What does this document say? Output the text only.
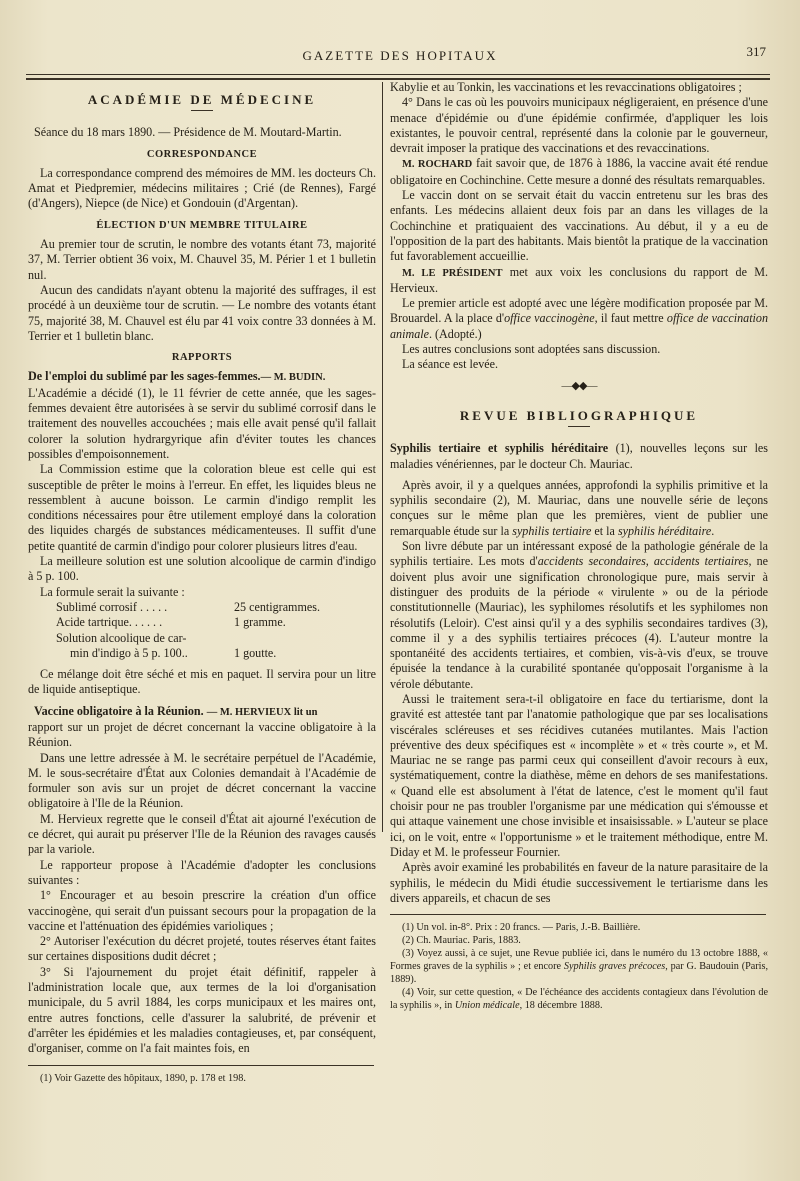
GAZETTE DES HOPITAUX	317
ACADÉMIE DE MÉDECINE

Séance du 18 mars 1890. — Présidence de M. Moutard-Martin.

CORRESPONDANCE

La correspondance comprend des mémoires de MM. les docteurs Ch. Amat et Piedpremier, médecins militaires ; Crié (de Rennes), Fargé (d'Angers), Niepce (de Nice) et Gondouin (d'Argentan).

ÉLECTION D'UN MEMBRE TITULAIRE

Au premier tour de scrutin, le nombre des votants étant 73, majorité 37, M. Terrier obtient 36 voix, M. Chauvel 35, M. Périer 1 et 1 bulletin nul.

Aucun des candidats n'ayant obtenu la majorité des suffrages, il est procédé à un deuxième tour de scrutin. — Le nombre des votants étant 75, majorité 38, M. Chauvel est élu par 41 voix contre 33 données à M. Terrier et 1 bulletin blanc.

RAPPORTS

De l'emploi du sublimé par les sages-femmes.— M. BUDIN.

L'Académie a décidé (1), le 11 février de cette année, que les sages-femmes devaient être autorisées à se servir du sublimé corrosif dans le traitement des nouvelles accouchées ; mais elle avait pensé qu'il fallait colorer la solution hydrargyrique afin d'éviter toutes les chances possibles d'empoisonnement.

La Commission estime que la coloration bleue est celle qui est susceptible de prêter le moins à l'erreur. En effet, les liquides bleus ne ressemblent à aucune boisson. Le carmin d'indigo remplit les conditions nécessaires pour être utilement employé dans la coloration des liquides chargés de substances médicamenteuses. Il suffit d'une petite quantité de carmin d'indigo pour colorer plusieurs litres d'eau.

La meilleure solution est une solution alcoolique de carmin d'indigo à 5 p. 100.

La formule serait la suivante :

Sublimé corrosif . . . . .	25 centigrammes.
Acide tartrique. . . . . .	1 gramme.
Solution alcoolique de car-
min d'indigo à 5 p. 100..	1 goutte.

Ce mélange doit être séché et mis en paquet. Il servira pour un litre de liquide antiseptique.

Vaccine obligatoire à la Réunion. — M. HERVIEUX lit un

rapport sur un projet de décret concernant la vaccine obligatoire à la Réunion.

Dans une lettre adressée à M. le secrétaire perpétuel de l'Académie, M. le sous-secrétaire d'État aux Colonies demandait à l'Académie de formuler son avis sur un projet de décret concernant la vaccine obligatoire à l'Ile de la Réunion.

M. Hervieux regrette que le conseil d'État ait ajourné l'exécution de ce décret, qui aurait pu préserver l'Ile de la Réunion des ravages causés par la variole.

Le rapporteur propose à l'Académie d'adopter les conclusions suivantes :

1° Encourager et au besoin prescrire la création d'un office vaccinogène, qui serait d'un puissant secours pour la propagation de la vaccine et l'atténuation des épidémies varioliques ;

2° Autoriser l'exécution du décret projeté, toutes réserves étant faites sur certaines dispositions dudit décret ;

3° Si l'ajournement du projet était définitif, rappeler à l'administration locale que, aux termes de la loi d'organisation municipale, du 5 avril 1884, les corps municipaux et les maires ont, entre autres fonctions, celle d'assurer la salubrité, de prévenir et d'arrêter les épidémies et les maladies contagieuses, et, par conséquent, d'organiser, comme on l'a fait maintes fois, en

(1) Voir Gazette des hôpitaux, 1890, p. 178 et 198.

Kabylie et au Tonkin, les vaccinations et les revaccinations obligatoires ;

4° Dans le cas où les pouvoirs municipaux négligeraient, en présence d'une menace d'épidémie ou d'une épidémie confirmée, d'appliquer les lois existantes, le pouvoir central, représenté dans la colonie par le gouverneur, devrait imposer la pratique des vaccinations et des revaccinations.

M. ROCHARD fait savoir que, de 1876 à 1886, la vaccine avait été rendue obligatoire en Cochinchine. Cette mesure a donné des résultats remarquables.

Le vaccin dont on se servait était du vaccin entretenu sur les bras des enfants. Les médecins allaient deux fois par an dans les villages de la Cochinchine et pratiquaient des vaccinations. Au début, il y a eu de l'opposition de la part des habitants. Mais bientôt la pratique de la vaccination fut favorablement accueillie.

M. LE PRÉSIDENT met aux voix les conclusions du rapport de M. Hervieux.

Le premier article est adopté avec une légère modification proposée par M. Brouardel. A la place d'office vaccinogène, il faut mettre office de vaccination animale. (Adopté.)

Les autres conclusions sont adoptées sans discussion.

La séance est levée.

—◆◆—
REVUE BIBLIOGRAPHIQUE

Syphilis tertiaire et syphilis héréditaire (1), nouvelles leçons sur les maladies vénériennes, par le docteur Ch. Mauriac.

Après avoir, il y a quelques années, approfondi la syphilis primitive et la syphilis secondaire (2), M. Mauriac, dans une nouvelle série de leçons conçues sur le même plan que les premières, vient de publier une remarquable étude sur la syphilis tertiaire et la syphilis héréditaire.

Son livre débute par un intéressant exposé de la pathologie générale de la syphilis tertiaire. Les mots d'accidents secondaires, accidents tertiaires, ne doivent plus avoir une signification chronologique pure, mais servir à distinguer des produits de la période « virulente » ou de la période constitutionnelle (Mauriac), les syphilomes résolutifs et les syphilomes non résolutifs (Leloir). C'est ainsi qu'il y a des syphilis secondaires tardives (3), comme il y a des syphilis tertiaires précoces (4). L'auteur montre la spontanéité des accidents tertiaires, et combien, vis-à-vis d'eux, se trouve épuisée la tendance à la curabilité spontanée qu'opposait l'organisme à la vérole débutante.

Aussi le traitement sera-t-il obligatoire en face du tertiarisme, dont la gravité est attestée tant par l'anatomie pathologique que par ses localisations viscérales scléreuses et ses récidives cutanées mutilantes. Mais l'action préventive des deux spécifiques est « incomplète » et « très courte », et M. Mauriac ne se range pas parmi ceux qui conseillent d'avoir recours à eux, systématiquement, contre la diathèse, même en dehors de ses manifestations. « Quand elle est absolument à l'état de latence, c'est le moment qu'il faut choisir pour ne pas troubler l'organisme par une médication qui s'émousse et qui attaque vainement une chose invisible et insaisissable. » L'auteur se place ici, on le voit, entre « l'opportunisme » et le traitement méthodique, entre M. Diday et M. le professeur Fournier.

Après avoir examiné les probabilités en faveur de la nature parasitaire de la syphilis, le médecin du Midi étudie successivement le tertiarisme dans les divers appareils, et chacun de ses

(1) Un vol. in-8°. Prix : 20 francs. — Paris, J.-B. Baillière.

(2) Ch. Mauriac. Paris, 1883.

(3) Voyez aussi, à ce sujet, une Revue publiée ici, dans le numéro du 13 octobre 1888, « Formes graves de la syphilis » ; et encore Syphilis graves précoces, par G. Baudouin (Paris, 1889).

(4) Voir, sur cette question, « De l'échéance des accidents contagieux dans l'évolution de la syphilis », in Union médicale, 18 décembre 1888.
